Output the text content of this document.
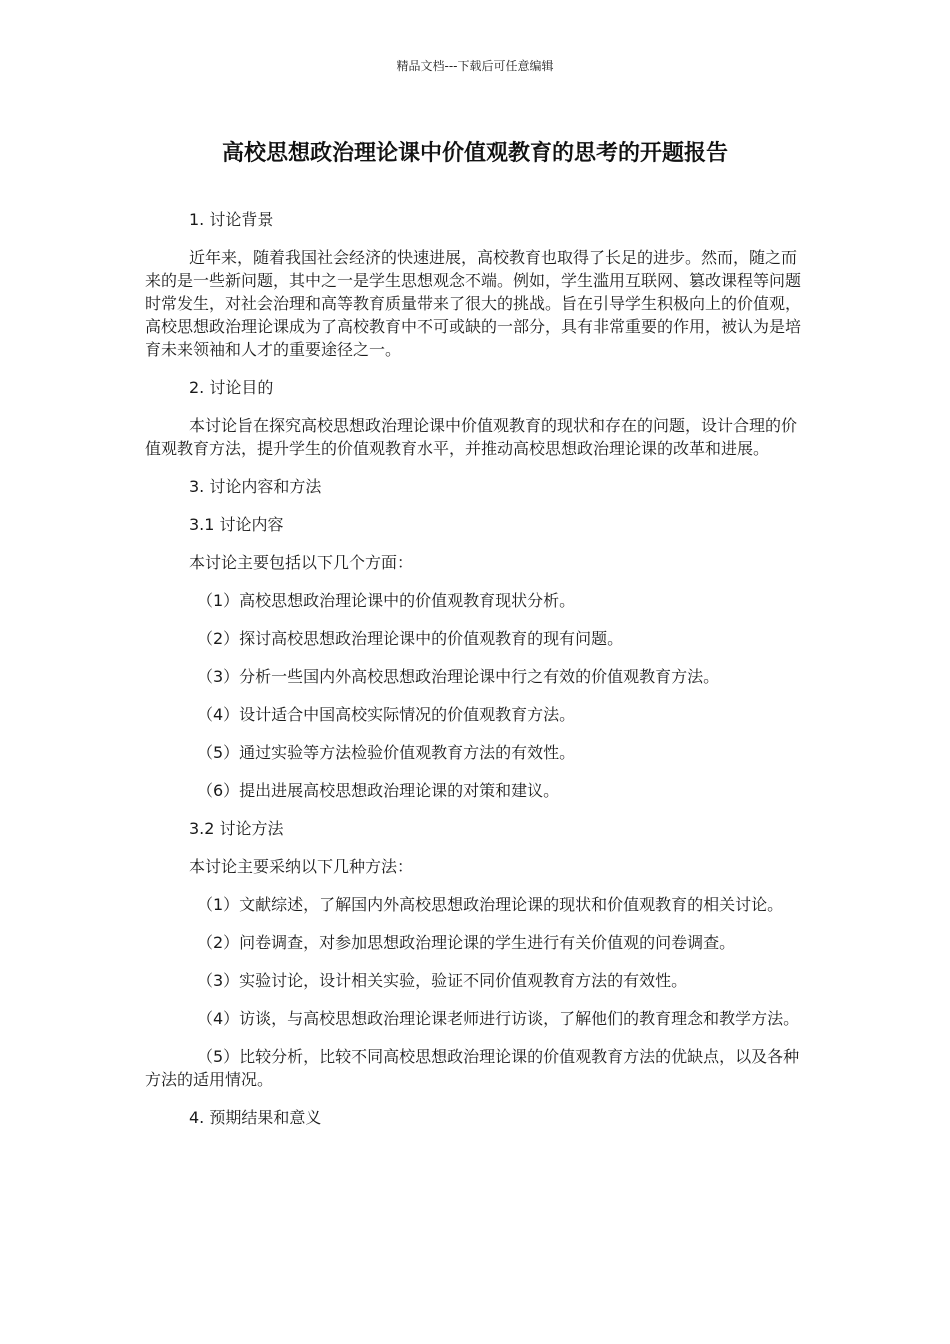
精品文档---下载后可任意编辑
高校思想政治理论课中价值观教育的思考的开题报告

1. 讨论背景

近年来，随着我国社会经济的快速进展，高校教育也取得了长足的进步。然而，随之而来的是一些新问题，其中之一是学生思想观念不端。例如，学生滥用互联网、篡改课程等问题时常发生，对社会治理和高等教育质量带来了很大的挑战。旨在引导学生积极向上的价值观，高校思想政治理论课成为了高校教育中不可或缺的一部分，具有非常重要的作用，被认为是培育未来领袖和人才的重要途径之一。

2. 讨论目的

本讨论旨在探究高校思想政治理论课中价值观教育的现状和存在的问题，设计合理的价值观教育方法，提升学生的价值观教育水平，并推动高校思想政治理论课的改革和进展。

3. 讨论内容和方法

3.1 讨论内容

本讨论主要包括以下几个方面：

（1）高校思想政治理论课中的价值观教育现状分析。

（2）探讨高校思想政治理论课中的价值观教育的现有问题。

（3）分析一些国内外高校思想政治理论课中行之有效的价值观教育方法。

（4）设计适合中国高校实际情况的价值观教育方法。

（5）通过实验等方法检验价值观教育方法的有效性。

（6）提出进展高校思想政治理论课的对策和建议。

3.2 讨论方法

本讨论主要采纳以下几种方法：

（1）文献综述，了解国内外高校思想政治理论课的现状和价值观教育的相关讨论。

（2）问卷调查，对参加思想政治理论课的学生进行有关价值观的问卷调查。

（3）实验讨论，设计相关实验，验证不同价值观教育方法的有效性。

（4）访谈，与高校思想政治理论课老师进行访谈，了解他们的教育理念和教学方法。

（5）比较分析，比较不同高校思想政治理论课的价值观教育方法的优缺点，以及各种方法的适用情况。

4. 预期结果和意义
